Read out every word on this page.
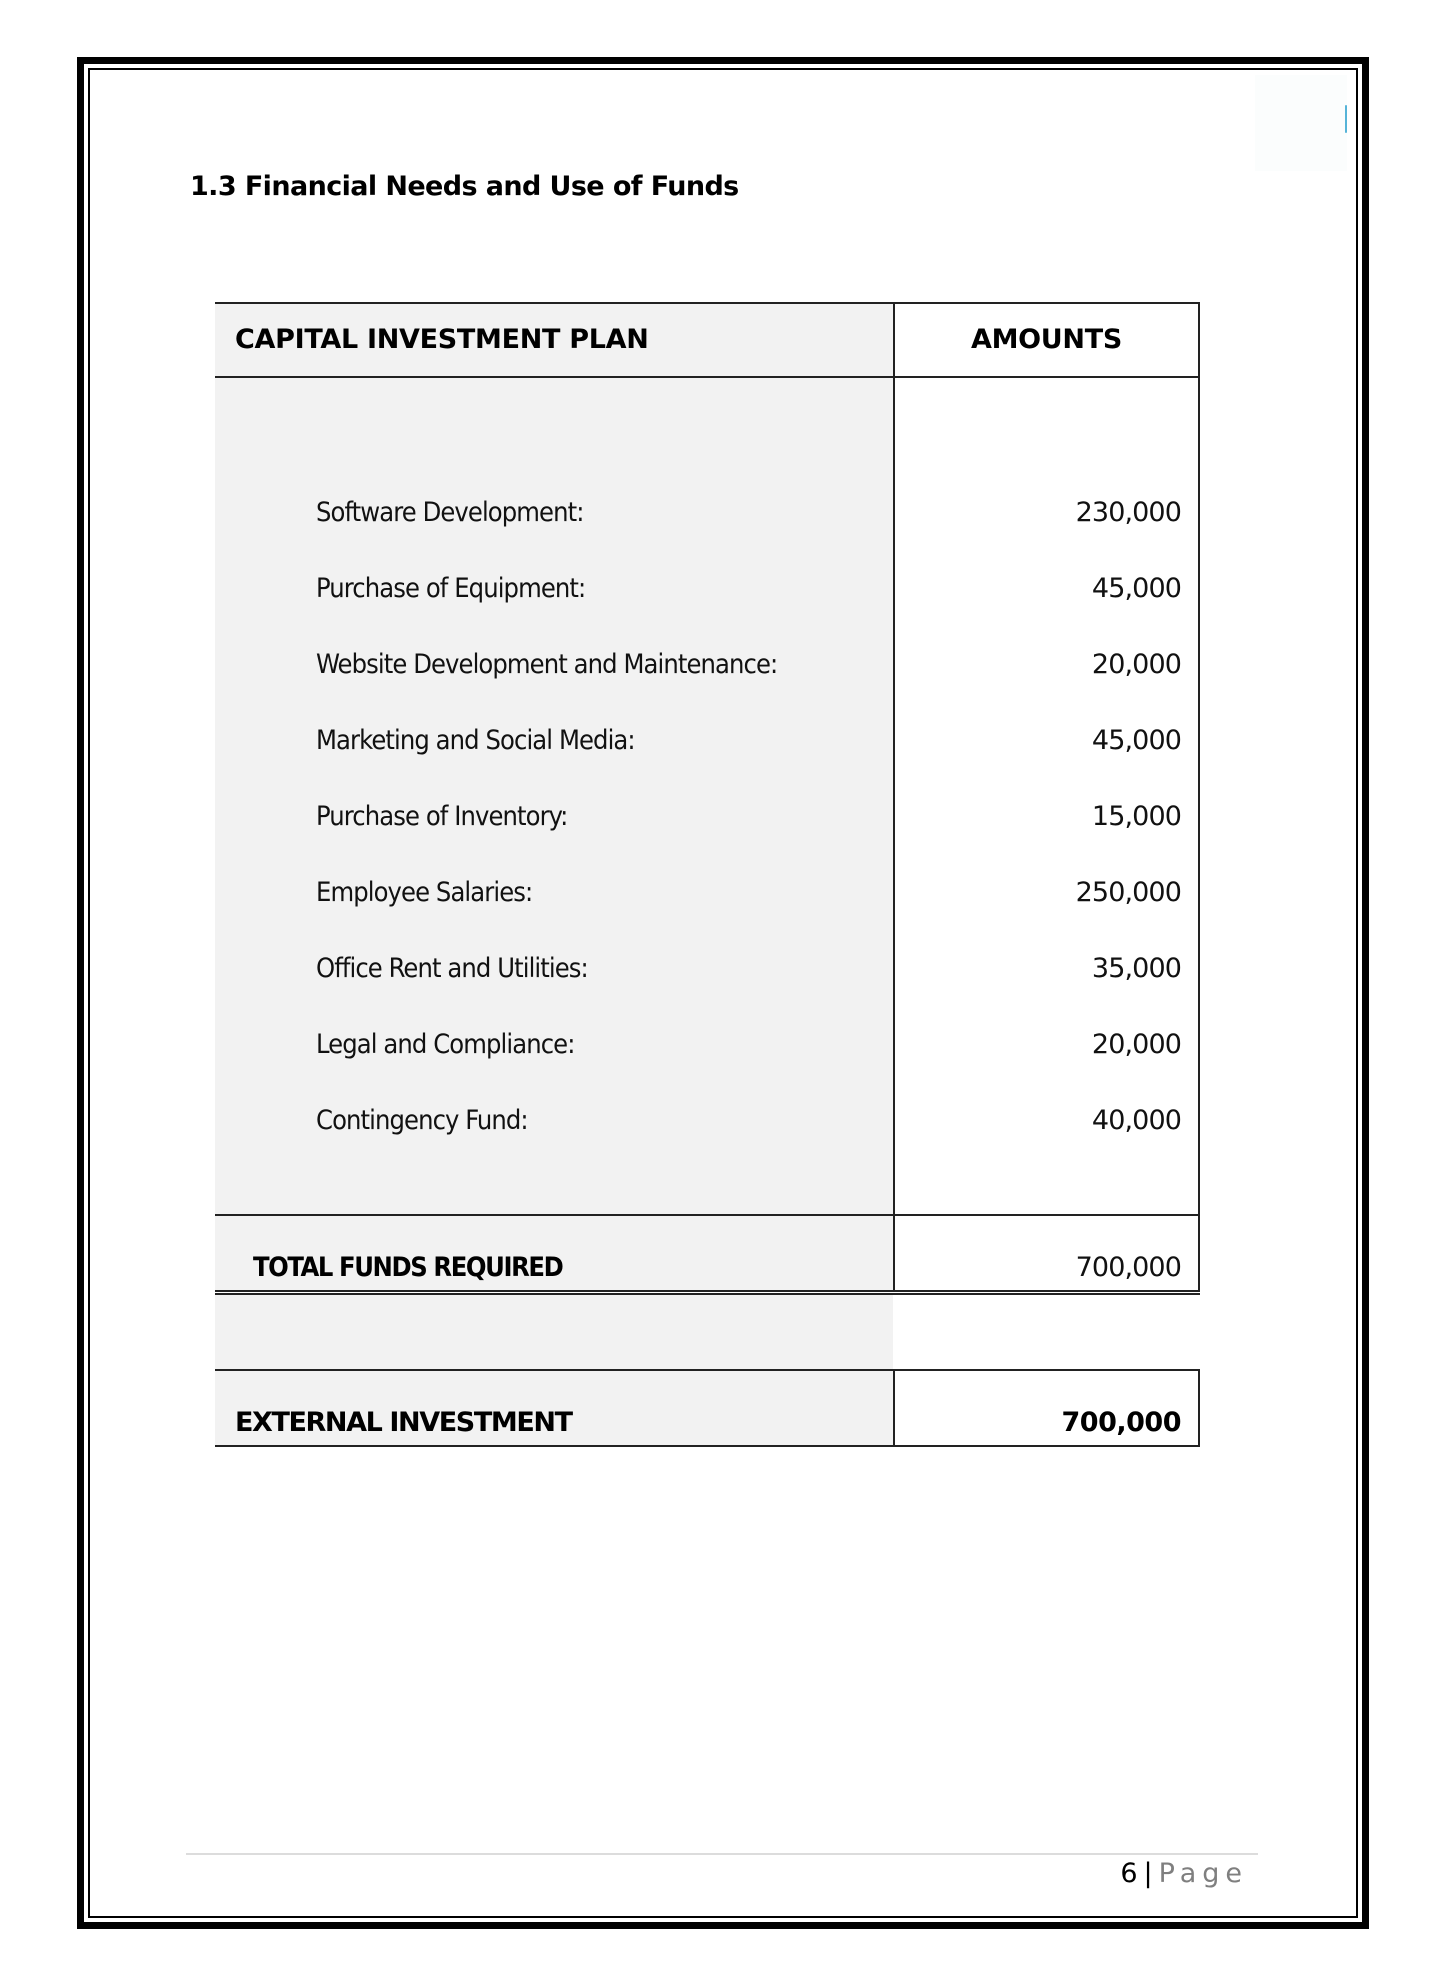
1.3 Financial Needs and Use of Funds
CAPITAL INVESTMENT PLAN	AMOUNTS
Software Development:	230,000
Purchase of Equipment:	45,000
Website Development and Maintenance:	20,000
Marketing and Social Media:	45,000
Purchase of Inventory:	15,000
Employee Salaries:	250,000
Office Rent and Utilities:	35,000
Legal and Compliance:	20,000
Contingency Fund:	40,000
TOTAL FUNDS REQUIRED	700,000
EXTERNAL INVESTMENT	700,000
6 | Page
